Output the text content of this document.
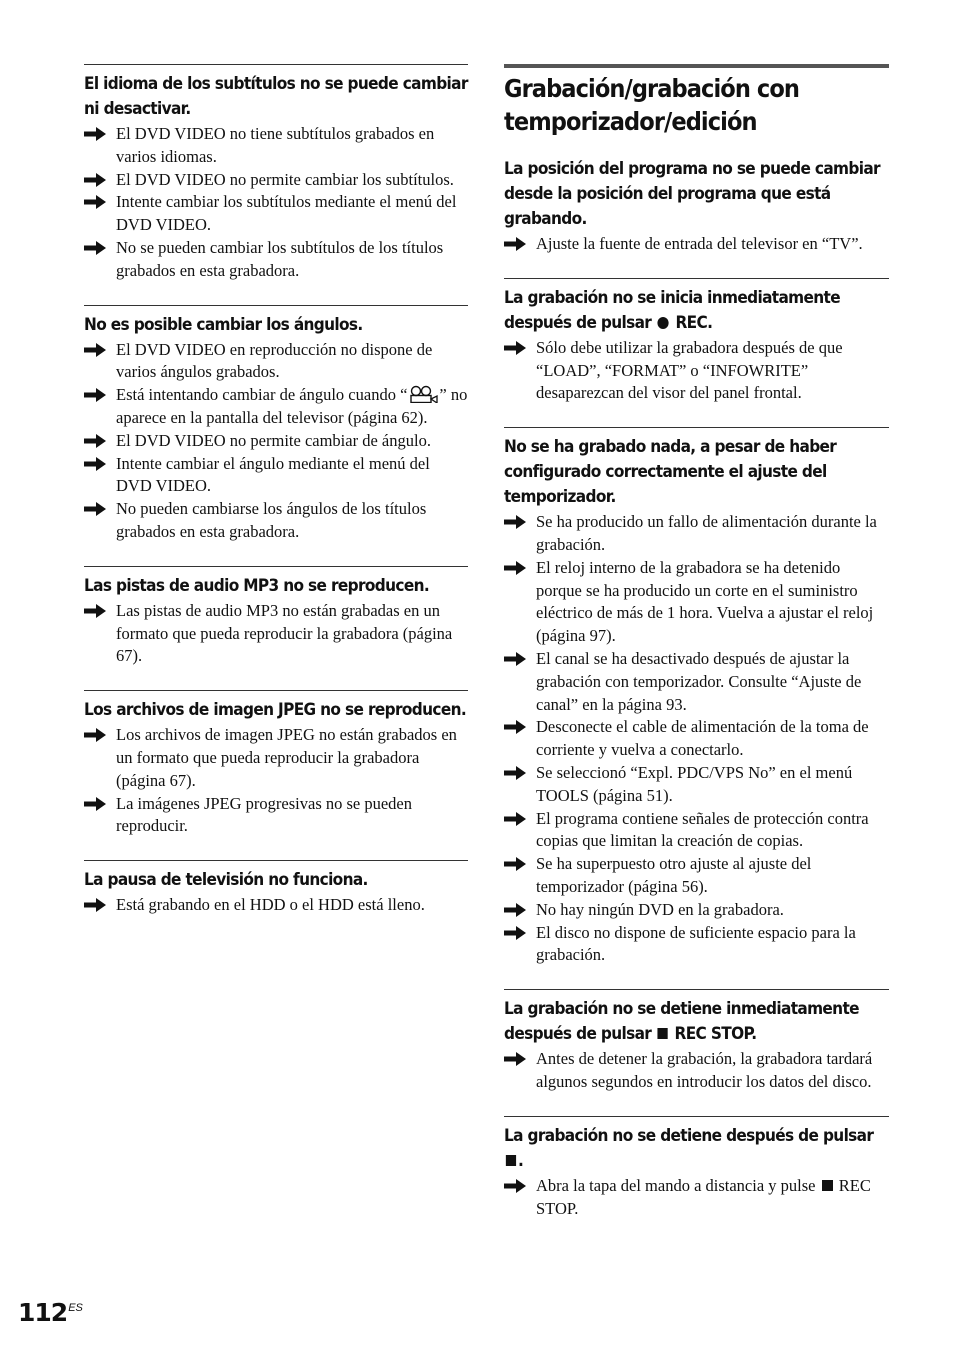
El idioma de los subtítulos no se puede cambiar ni desactivar.
El DVD VIDEO no tiene subtítulos grabados en varios idiomas.
El DVD VIDEO no permite cambiar los subtítulos.
Intente cambiar los subtítulos mediante el menú del DVD VIDEO.
No se pueden cambiar los subtítulos de los títulos grabados en esta grabadora.
No es posible cambiar los ángulos.
El DVD VIDEO en reproducción no dispone de varios ángulos grabados.
Está intentando cambiar de ángulo cuando “ ” no aparece en la pantalla del televisor (página 62).
El DVD VIDEO no permite cambiar de ángulo.
Intente cambiar el ángulo mediante el menú del DVD VIDEO.
No pueden cambiarse los ángulos de los títulos grabados en esta grabadora.
Las pistas de audio MP3 no se reproducen.
Las pistas de audio MP3 no están grabadas en un formato que pueda reproducir la grabadora (página 67).
Los archivos de imagen JPEG no se reproducen.
Los archivos de imagen JPEG no están grabados en un formato que pueda reproducir la grabadora (página 67).
La imágenes JPEG progresivas no se pueden reproducir.
La pausa de televisión no funciona.
Está grabando en el HDD o el HDD está lleno.
Grabación/grabación con temporizador/edición
La posición del programa no se puede cambiar desde la posición del programa que está grabando.
Ajuste la fuente de entrada del televisor en “TV”.
La grabación no se inicia inmediatamente después de pulsar  REC.
Sólo debe utilizar la grabadora después de que “LOAD”, “FORMAT” o “INFOWRITE” desaparezcan del visor del panel frontal.
No se ha grabado nada, a pesar de haber configurado correctamente el ajuste del temporizador.
Se ha producido un fallo de alimentación durante la grabación.
El reloj interno de la grabadora se ha detenido porque se ha producido un corte en el suministro eléctrico de más de 1 hora. Vuelva a ajustar el reloj (página 97).
El canal se ha desactivado después de ajustar la grabación con temporizador. Consulte “Ajuste de canal” en la página 93.
Desconecte el cable de alimentación de la toma de corriente y vuelva a conectarlo.
Se seleccionó “Expl. PDC/VPS No” en el menú TOOLS (página 51).
El programa contiene señales de protección contra copias que limitan la creación de copias.
Se ha superpuesto otro ajuste al ajuste del temporizador (página 56).
No hay ningún DVD en la grabadora.
El disco no dispone de suficiente espacio para la grabación.
La grabación no se detiene inmediatamente después de pulsar  REC STOP.
Antes de detener la grabación, la grabadora tardará algunos segundos en introducir los datos del disco.
La grabación no se detiene después de pulsar .
Abra la tapa del mando a distancia y pulse  REC STOP.
$112^{ES}$
